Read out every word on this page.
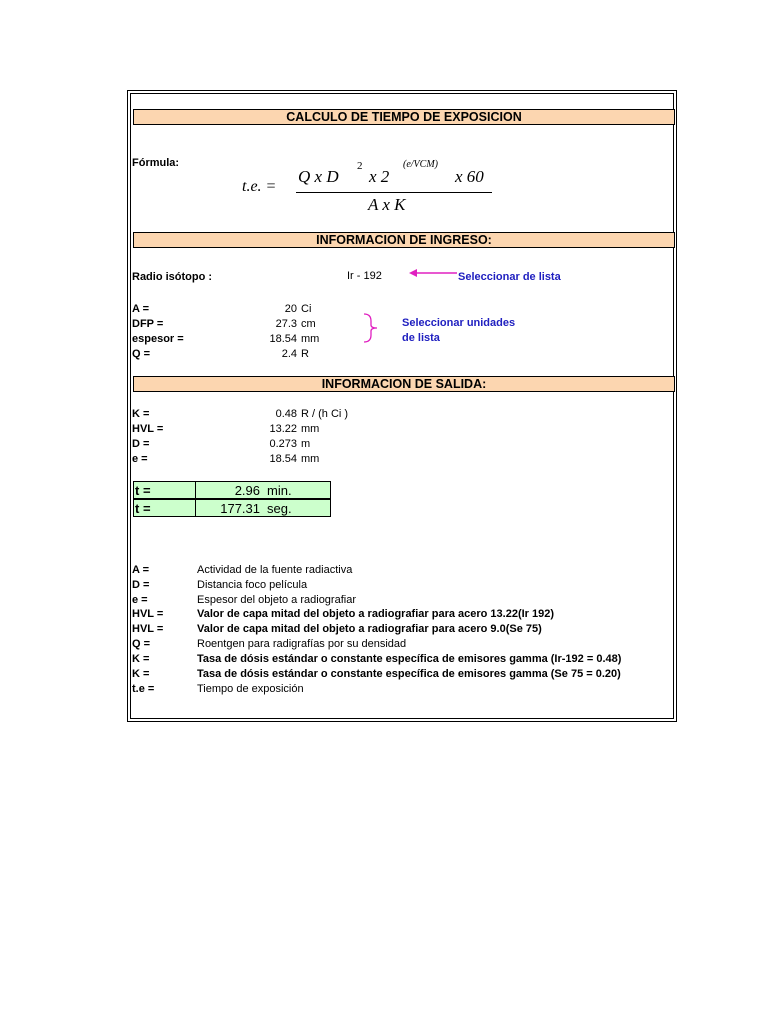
CALCULO DE TIEMPO DE EXPOSICION
Fórmula:
t.e. =
Q x D
2
x 2
(e/VCM)
x 60
A x K
INFORMACION DE INGRESO:
Radio isótopo :	Ir - 192	Seleccionar de lista
A =	20 Ci
DFP =	27.3 cm
espesor =	18.54 mm
Q =	2.4 R
Seleccionar unidades
de lista
INFORMACION DE SALIDA:
K =	0.48 R / (h Ci )
HVL =	13.22 mm
D =	0.273 m
e =	18.54 mm
t =	2.96 min.
t =	177.31 seg.
A =	Actividad de la fuente radiactiva
D =	Distancia foco película
e =	Espesor del objeto a radiografiar
HVL =	Valor de capa mitad del objeto a radiografiar para acero 13.22(Ir 192)
HVL =	Valor de capa mitad del objeto a radiografiar para acero 9.0(Se 75)
Q =	Roentgen para radigrafías por su densidad
K =	Tasa de dósis estándar o constante específica de emisores gamma (Ir-192 = 0.48)
K =	Tasa de dósis estándar o constante específica de emisores gamma (Se 75 = 0.20)
t.e =	Tiempo de exposición
